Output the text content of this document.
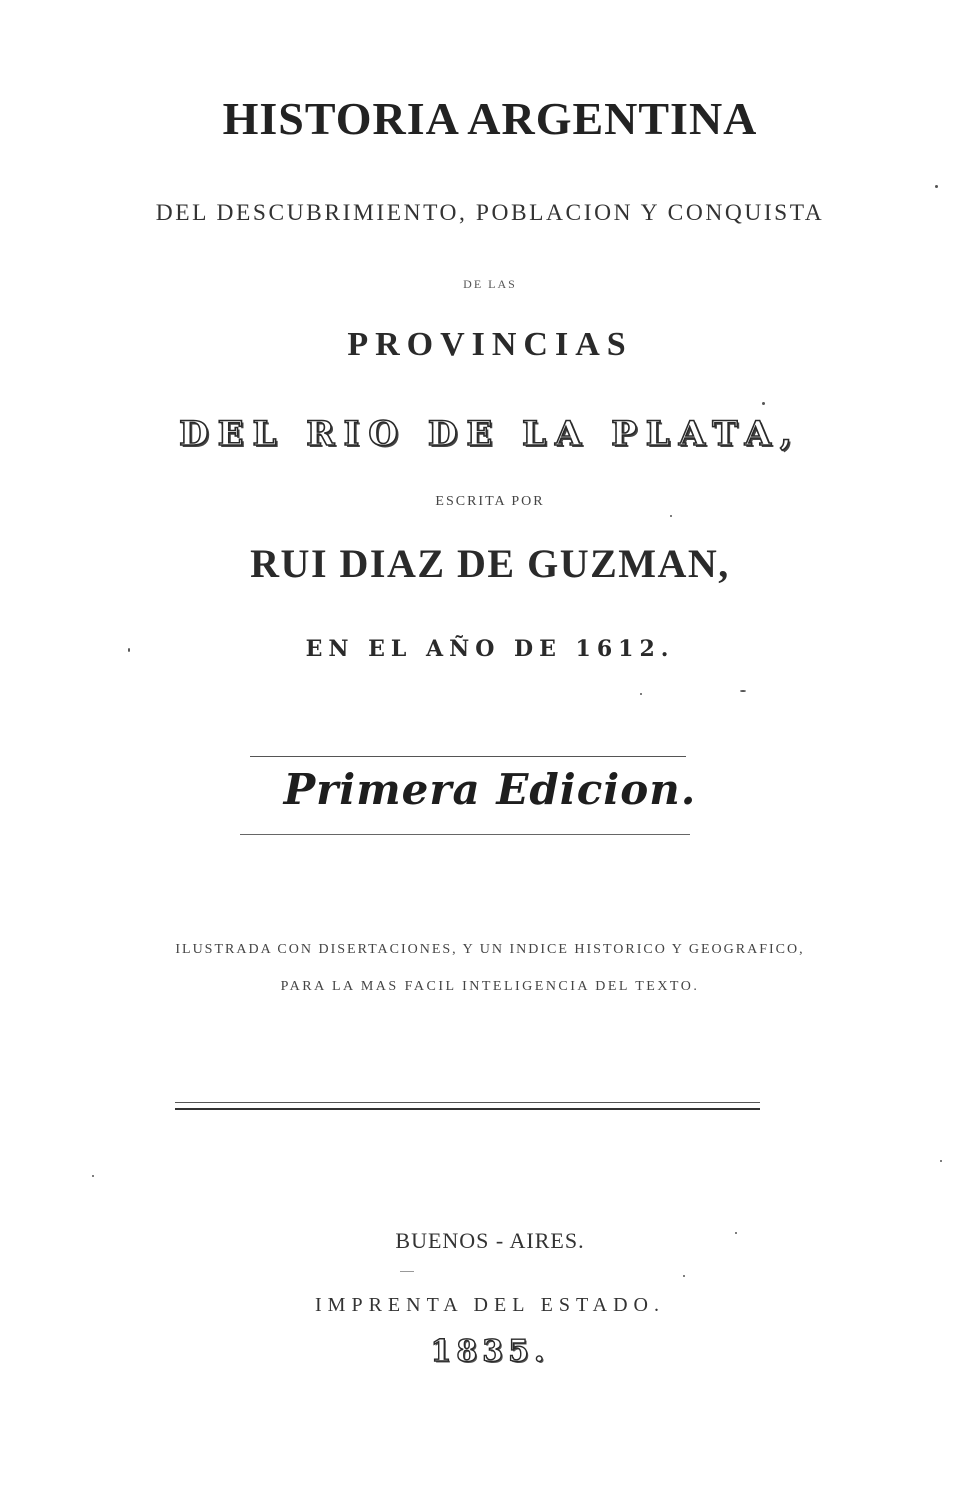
HISTORIA ARGENTINA
DEL DESCUBRIMIENTO, POBLACION Y CONQUISTA
DE LAS
PROVINCIAS
DEL RIO DE LA PLATA,
ESCRITA POR
RUI DIAZ DE GUZMAN,
EN EL AÑO DE 1612.
Primera Edicion.
ILUSTRADA CON DISERTACIONES, Y UN INDICE HISTORICO Y GEOGRAFICO,
PARA LA MAS FACIL INTELIGENCIA DEL TEXTO.
BUENOS - AIRES.
IMPRENTA DEL ESTADO.
1835.
